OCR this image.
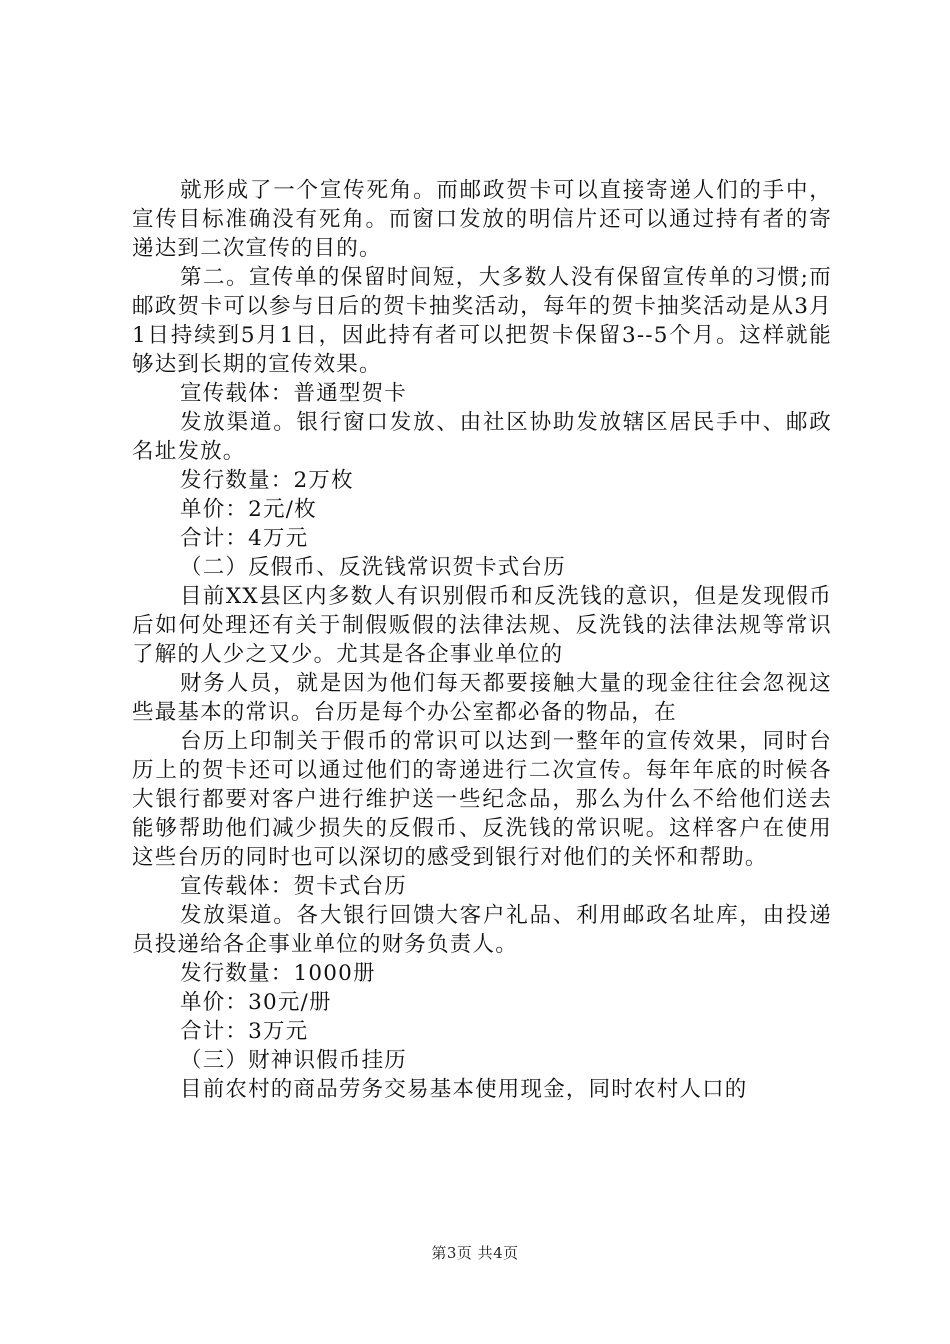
就形成了一个宣传死角。而邮政贺卡可以直接寄递人们的手中，宣传目标准确没有死角。而窗口发放的明信片还可以通过持有者的寄递达到二次宣传的目的。

第二。宣传单的保留时间短，大多数人没有保留宣传单的习惯;而邮政贺卡可以参与日后的贺卡抽奖活动，每年的贺卡抽奖活动是从3月1日持续到5月1日，因此持有者可以把贺卡保留3--5个月。这样就能够达到长期的宣传效果。

宣传载体：普通型贺卡

发放渠道。银行窗口发放、由社区协助发放辖区居民手中、邮政名址发放。

发行数量：2万枚

单价：2元/枚

合计：4万元

（二）反假币、反洗钱常识贺卡式台历

目前XX县区内多数人有识别假币和反洗钱的意识，但是发现假币后如何处理还有关于制假贩假的法律法规、反洗钱的法律法规等常识了解的人少之又少。尤其是各企事业单位的

财务人员，就是因为他们每天都要接触大量的现金往往会忽视这些最基本的常识。台历是每个办公室都必备的物品，在

台历上印制关于假币的常识可以达到一整年的宣传效果，同时台历上的贺卡还可以通过他们的寄递进行二次宣传。每年年底的时候各大银行都要对客户进行维护送一些纪念品，那么为什么不给他们送去能够帮助他们减少损失的反假币、反洗钱的常识呢。这样客户在使用这些台历的同时也可以深切的感受到银行对他们的关怀和帮助。

宣传载体：贺卡式台历

发放渠道。各大银行回馈大客户礼品、利用邮政名址库，由投递员投递给各企事业单位的财务负责人。

发行数量：1000册

单价：30元/册

合计：3万元

（三）财神识假币挂历

目前农村的商品劳务交易基本使用现金，同时农村人口的

第3页 共4页
